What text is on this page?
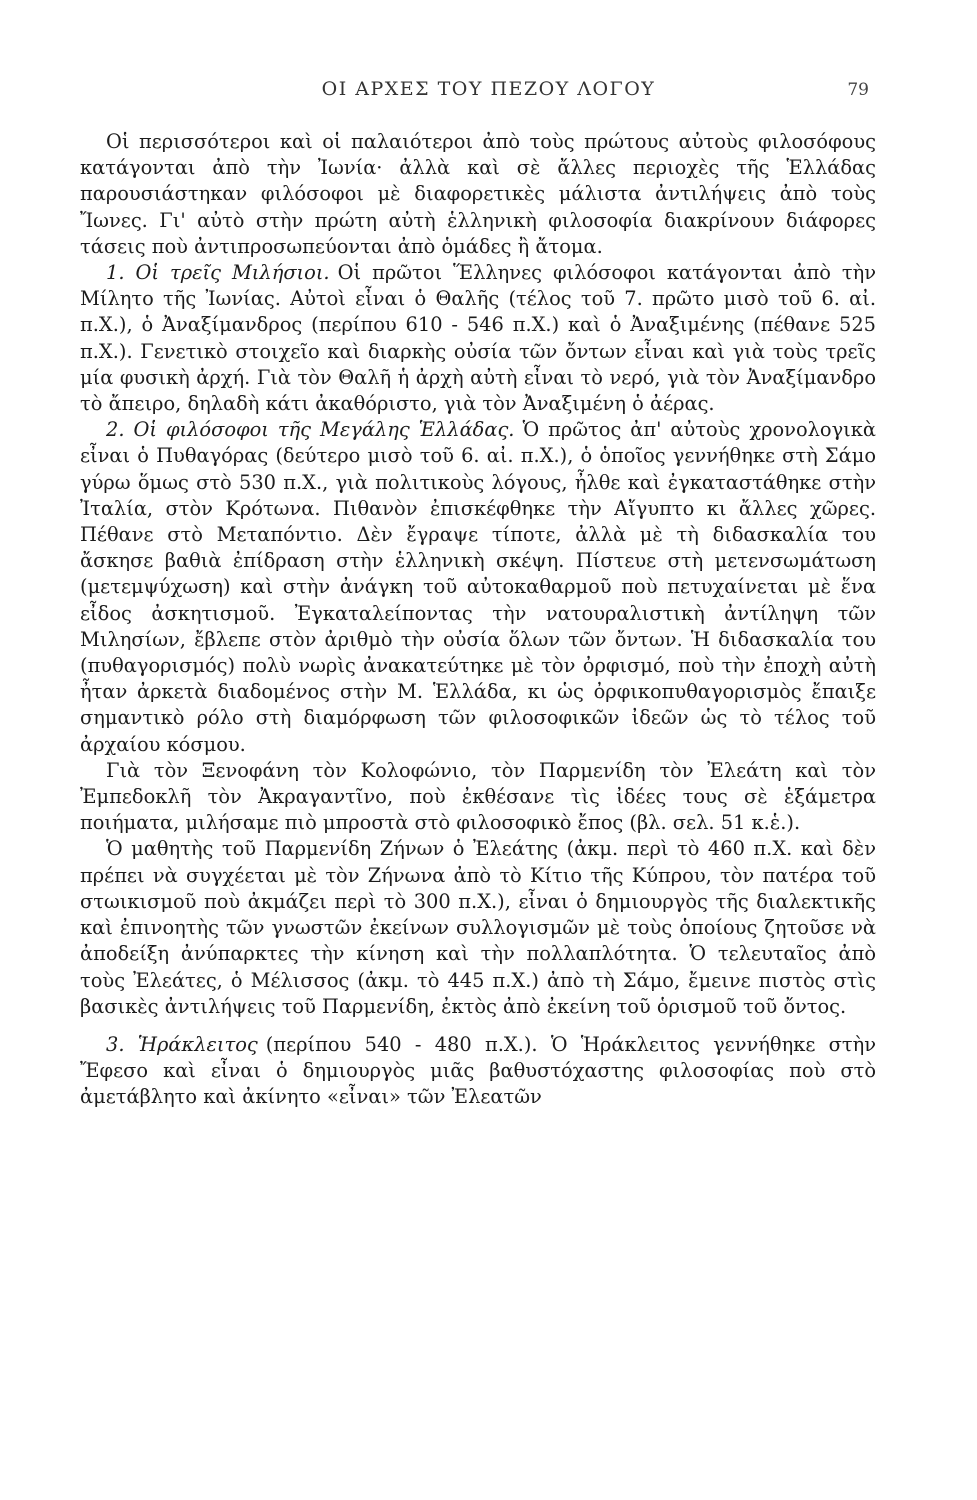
ΟΙ ΑΡΧΕΣ ΤΟΥ ΠΕΖΟΥ ΛΟΓΟΥ	79

Οἱ περισσότεροι καὶ οἱ παλαιότεροι ἀπὸ τοὺς πρώτους αὐτοὺς φιλοσόφους κατάγονται ἀπὸ τὴν Ἰωνία· ἀλλὰ καὶ σὲ ἄλλες περιοχὲς τῆς Ἑλλάδας παρουσιάστηκαν φιλόσοφοι μὲ διαφορετικὲς μάλιστα ἀντιλήψεις ἀπὸ τοὺς Ἴωνες. Γι' αὐτὸ στὴν πρώτη αὐτὴ ἑλληνικὴ φιλοσοφία διακρίνουν διάφορες τάσεις ποὺ ἀντιπροσωπεύονται ἀπὸ ὁμάδες ἢ ἄτομα.

1. Οἱ τρεῖς Μιλήσιοι. Οἱ πρῶτοι Ἕλληνες φιλόσοφοι κατάγονται ἀπὸ τὴν Μίλητο τῆς Ἰωνίας. Αὐτοὶ εἶναι ὁ Θαλῆς (τέλος τοῦ 7. πρῶτο μισὸ τοῦ 6. αἰ. π.Χ.), ὁ Ἀναξίμανδρος (περίπου 610 - 546 π.Χ.) καὶ ὁ Ἀναξιμένης (πέθανε 525 π.Χ.). Γενετικὸ στοιχεῖο καὶ διαρκὴς οὐσία τῶν ὄντων εἶναι καὶ γιὰ τοὺς τρεῖς μία φυσικὴ ἀρχή. Γιὰ τὸν Θαλῆ ἡ ἀρχὴ αὐτὴ εἶναι τὸ νερό, γιὰ τὸν Ἀναξίμανδρο τὸ ἄπειρο, δηλαδὴ κάτι ἀκαθόριστο, γιὰ τὸν Ἀναξιμένη ὁ ἀέρας.

2. Οἱ φιλόσοφοι τῆς Μεγάλης Ἑλλάδας. Ὁ πρῶτος ἀπ' αὐτοὺς χρονολογικὰ εἶναι ὁ Πυθαγόρας (δεύτερο μισὸ τοῦ 6. αἰ. π.Χ.), ὁ ὁποῖος γεννήθηκε στὴ Σάμο γύρω ὅμως στὸ 530 π.Χ., γιὰ πολιτικοὺς λόγους, ἦλθε καὶ ἐγκαταστάθηκε στὴν Ἰταλία, στὸν Κρότωνα. Πιθανὸν ἐπισκέφθηκε τὴν Αἴγυπτο κι ἄλλες χῶρες. Πέθανε στὸ Μεταπόντιο. Δὲν ἔγραψε τίποτε, ἀλλὰ μὲ τὴ διδασκαλία του ἄσκησε βαθιὰ ἐπίδραση στὴν ἑλληνικὴ σκέψη. Πίστευε στὴ μετενσωμάτωση (μετεμψύχωση) καὶ στὴν ἀνάγκη τοῦ αὐτοκαθαρμοῦ ποὺ πετυχαίνεται μὲ ἕνα εἶδος ἀσκητισμοῦ. Ἐγκαταλείποντας τὴν νατουραλιστικὴ ἀντίληψη τῶν Μιλησίων, ἔβλεπε στὸν ἀριθμὸ τὴν οὐσία ὅλων τῶν ὄντων. Ἡ διδασκαλία του (πυθαγορισμός) πολὺ νωρὶς ἀνακατεύτηκε μὲ τὸν ὀρφισμό, ποὺ τὴν ἐποχὴ αὐτὴ ἦταν ἀρκετὰ διαδομένος στὴν Μ. Ἑλλάδα, κι ὡς ὀρφικοπυθαγορισμὸς ἔπαιξε σημαντικὸ ρόλο στὴ διαμόρφωση τῶν φιλοσοφικῶν ἰδεῶν ὡς τὸ τέλος τοῦ ἀρχαίου κόσμου.

Γιὰ τὸν Ξενοφάνη τὸν Κολοφώνιο, τὸν Παρμενίδη τὸν Ἐλεάτη καὶ τὸν Ἐμπεδοκλῆ τὸν Ἀκραγαντῖνο, ποὺ ἐκθέσανε τὶς ἰδέες τους σὲ ἑξάμετρα ποιήματα, μιλήσαμε πιὸ μπροστὰ στὸ φιλοσοφικὸ ἔπος (βλ. σελ. 51 κ.ἑ.).

Ὁ μαθητὴς τοῦ Παρμενίδη Ζήνων ὁ Ἐλεάτης (ἀκμ. περὶ τὸ 460 π.Χ. καὶ δὲν πρέπει νὰ συγχέεται μὲ τὸν Ζήνωνα ἀπὸ τὸ Κίτιο τῆς Κύπρου, τὸν πατέρα τοῦ στωικισμοῦ ποὺ ἀκμάζει περὶ τὸ 300 π.Χ.), εἶναι ὁ δημιουργὸς τῆς διαλεκτικῆς καὶ ἐπινοητὴς τῶν γνωστῶν ἐκείνων συλλογισμῶν μὲ τοὺς ὁποίους ζητοῦσε νὰ ἀποδείξη ἀνύπαρκτες τὴν κίνηση καὶ τὴν πολλαπλότητα. Ὁ τελευταῖος ἀπὸ τοὺς Ἐλεάτες, ὁ Μέλισσος (ἀκμ. τὸ 445 π.Χ.) ἀπὸ τὴ Σάμο, ἔμεινε πιστὸς στὶς βασικὲς ἀντιλήψεις τοῦ Παρμενίδη, ἐκτὸς ἀπὸ ἐκείνη τοῦ ὁρισμοῦ τοῦ ὄντος.

3. Ἡράκλειτος (περίπου 540 - 480 π.Χ.). Ὁ Ἡράκλειτος γεννήθηκε στὴν Ἔφεσο καὶ εἶναι ὁ δημιουργὸς μιᾶς βαθυστόχαστης φιλοσοφίας ποὺ στὸ ἀμετάβλητο καὶ ἀκίνητο «εἶναι» τῶν Ἐλεατῶν
